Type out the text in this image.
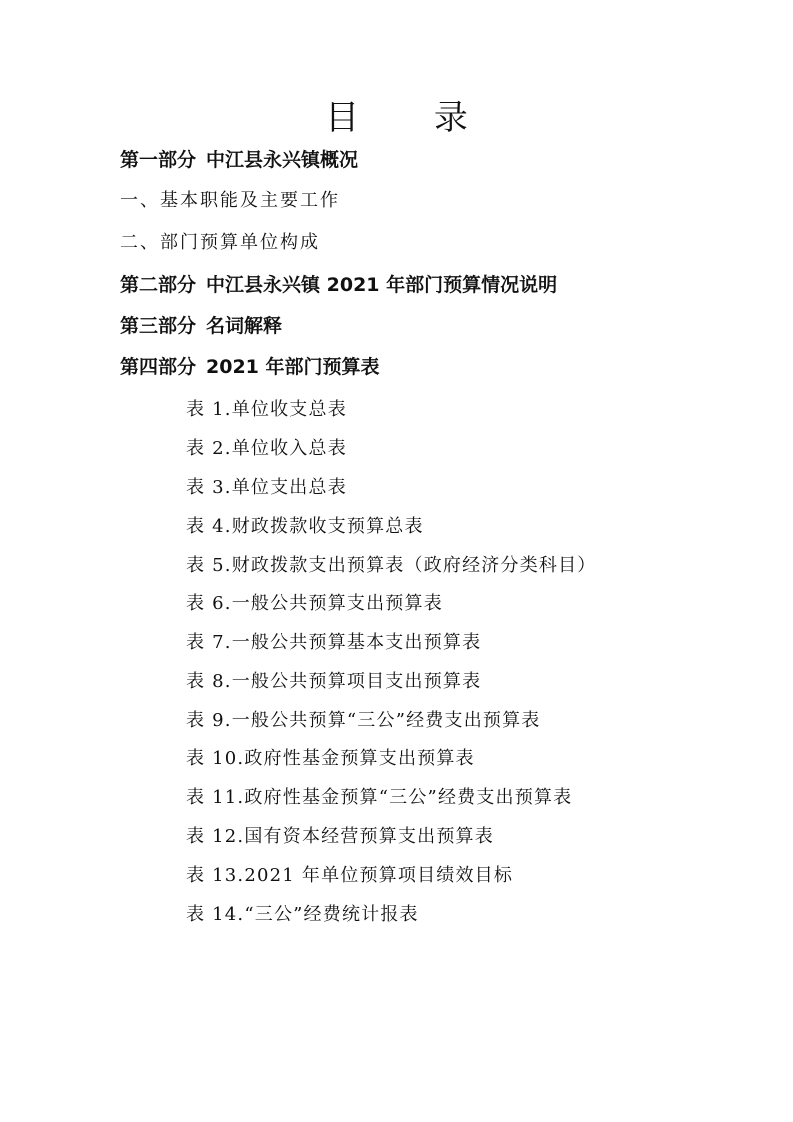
目 录
第一部分 中江县永兴镇概况
一、基本职能及主要工作
二、部门预算单位构成
第二部分 中江县永兴镇 2021 年部门预算情况说明
第三部分 名词解释
第四部分 2021 年部门预算表
表 1.单位收支总表
表 2.单位收入总表
表 3.单位支出总表
表 4.财政拨款收支预算总表
表 5.财政拨款支出预算表（政府经济分类科目）
表 6.一般公共预算支出预算表
表 7.一般公共预算基本支出预算表
表 8.一般公共预算项目支出预算表
表 9.一般公共预算“三公”经费支出预算表
表 10.政府性基金预算支出预算表
表 11.政府性基金预算“三公”经费支出预算表
表 12.国有资本经营预算支出预算表
表 13.2021 年单位预算项目绩效目标
表 14.“三公”经费统计报表
